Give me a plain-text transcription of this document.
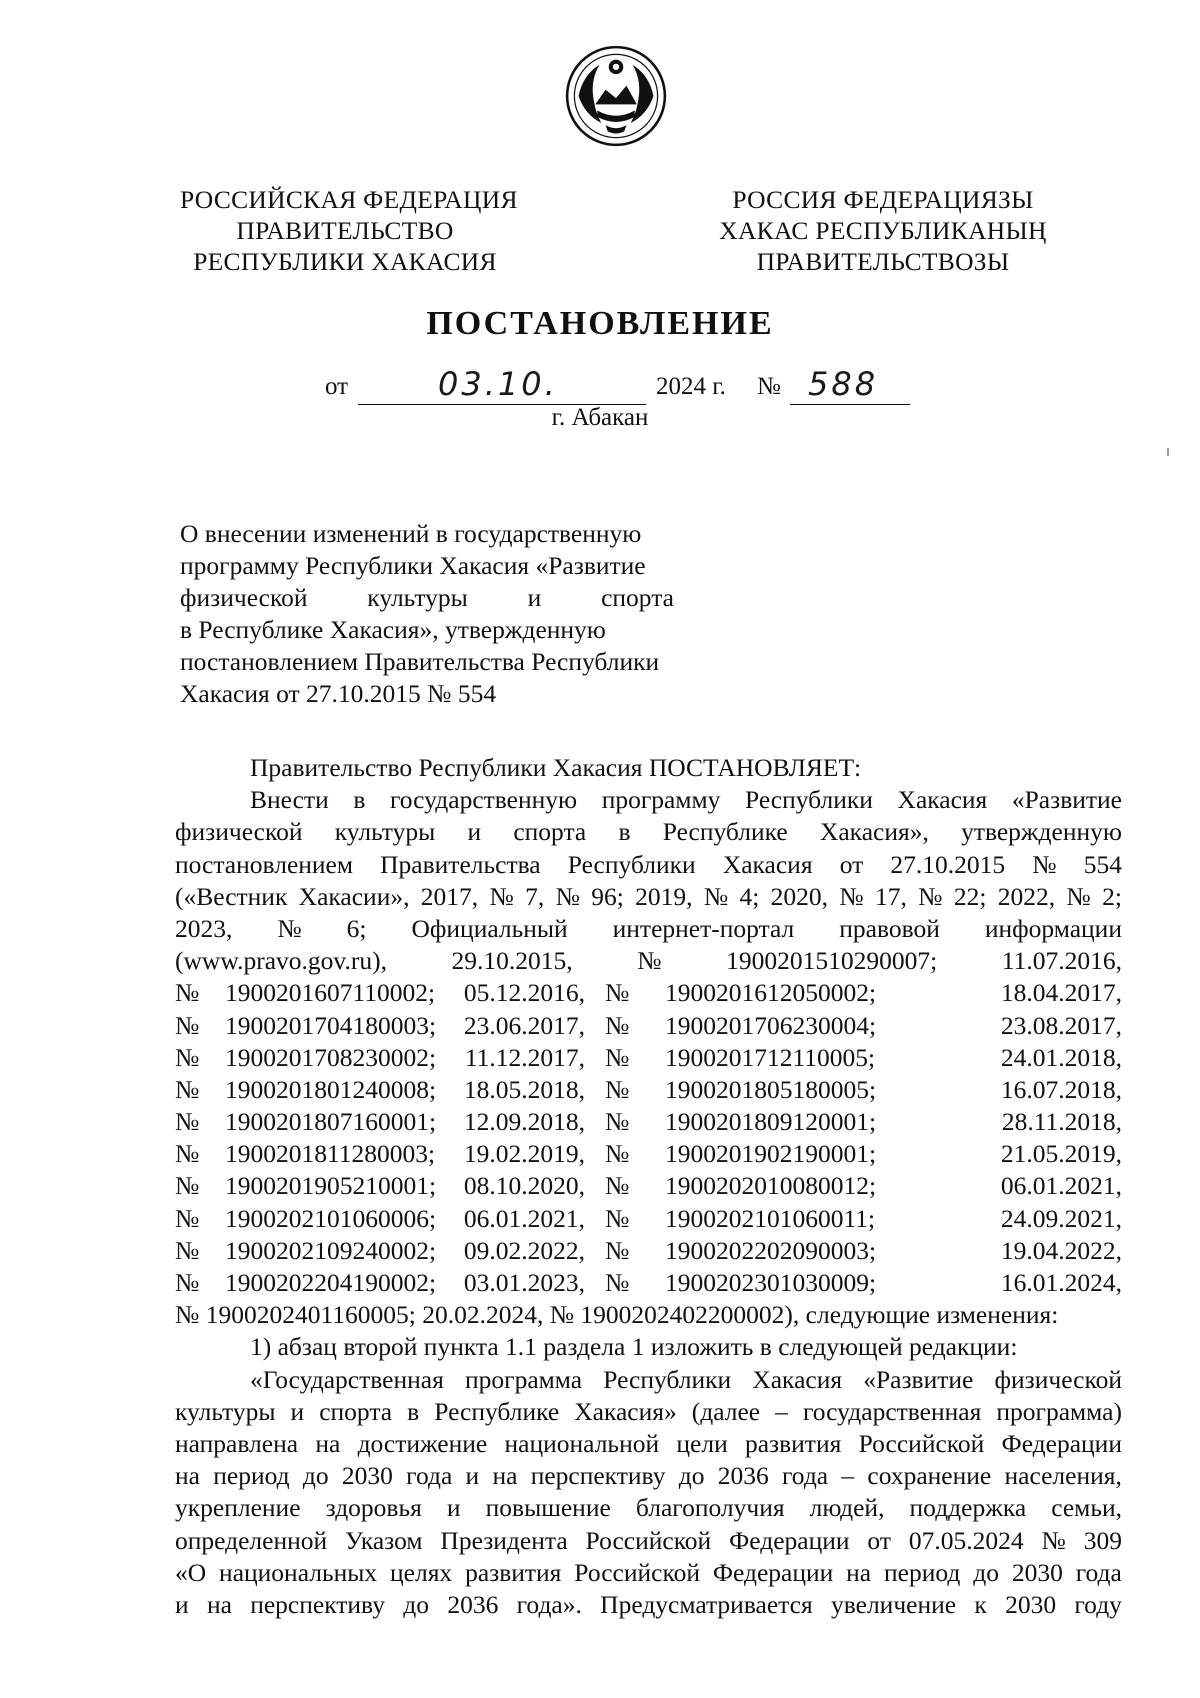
РОССИЙСКАЯ ФЕДЕРАЦИЯ
ПРАВИТЕЛЬСТВО
РЕСПУБЛИКИ ХАКАСИЯ
РОССИЯ ФЕДЕРАЦИЯЗЫ
ХАКАС РЕСПУБЛИКАНЫҢ
ПРАВИТЕЛЬСТВОЗЫ
ПОСТАНОВЛЕНИЕ
от	03.10.	2024 г. № 588
г. Абакан
О внесении изменений в государственную
программу Республики Хакасия «Развитие
физической культуры и спорта
в Республике Хакасия», утвержденную
постановлением Правительства Республики
Хакасия от 27.10.2015 № 554
Правительство Республики Хакасия ПОСТАНОВЛЯЕТ:
Внести в государственную программу Республики Хакасия «Развитие
физической культуры и спорта в Республике Хакасия», утвержденную
постановлением Правительства Республики Хакасия от 27.10.2015 № 554
(«Вестник Хакасии», 2017, № 7, № 96; 2019, № 4; 2020, № 17, № 22; 2022, № 2;
2023, № 6; Официальный интернет-портал правовой информации
(www.pravo.gov.ru),	29.10.2015,	№	1900201510290007;	11.07.2016,
№	1900201607110002;	05.12.2016, №	1900201612050002;	18.04.2017,
№	1900201704180003;	23.06.2017, №	1900201706230004;	23.08.2017,
№	1900201708230002;	11.12.2017, №	1900201712110005;	24.01.2018,
№	1900201801240008;	18.05.2018, №	1900201805180005;	16.07.2018,
№	1900201807160001;	12.09.2018, №	1900201809120001;	28.11.2018,
№	1900201811280003;	19.02.2019, №	1900201902190001;	21.05.2019,
№	1900201905210001;	08.10.2020, №	1900202010080012;	06.01.2021,
№	1900202101060006;	06.01.2021, №	1900202101060011;	24.09.2021,
№	1900202109240002;	09.02.2022, №	1900202202090003;	19.04.2022,
№	1900202204190002;	03.01.2023, №	1900202301030009;	16.01.2024,
№ 1900202401160005; 20.02.2024, № 1900202402200002), следующие изменения:
1) абзац второй пункта 1.1 раздела 1 изложить в следующей редакции:
«Государственная программа Республики Хакасия «Развитие физической
культуры и спорта в Республике Хакасия» (далее – государственная программа)
направлена на достижение национальной цели развития Российской Федерации
на период до 2030 года и на перспективу до 2036 года – сохранение населения,
укрепление здоровья и повышение благополучия людей, поддержка семьи,
определенной Указом Президента Российской Федерации от 07.05.2024 № 309
«О национальных целях развития Российской Федерации на период до 2030 года
и на перспективу до 2036 года». Предусматривается увеличение к 2030 году
